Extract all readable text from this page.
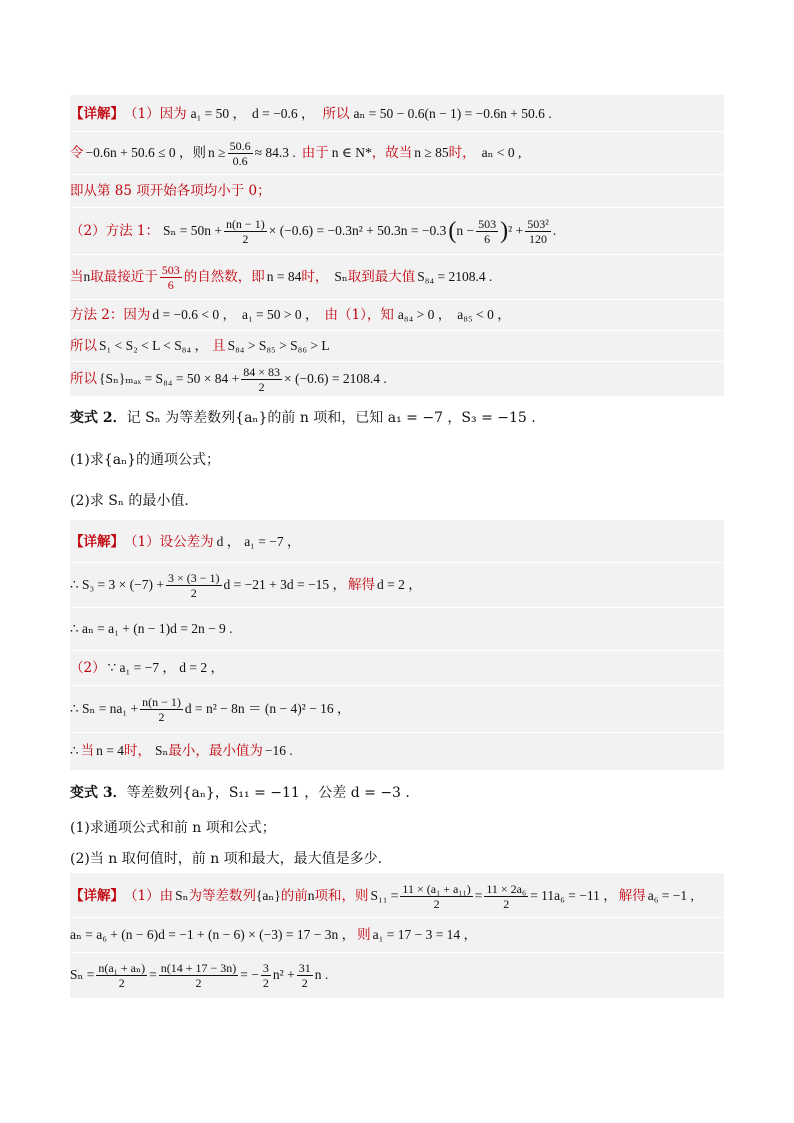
【详解】 （1）因为 a₁ = 50 ， d = −0.6 ， 所以 aₙ = 50 − 0.6(n − 1) = −0.6n + 50.6 .
令 −0.6n + 50.6 ≤ 0 ，则 $n \ge \frac{50.6}{0.6} \approx 84.3$ . 由于 n ∈ N* ，故当 n ≥ 85 时， aₙ < 0 ,
即从第 85 项开始各项均小于 0；
（2）方法 1： $S_n = 50n + \frac{n(n - 1)}{2} \times (-0.6) = -0.3n^2 + 50.3n = -0.3$ ( $n - \frac{503}{6}$ ) $^2 + \frac{\text{503²}}{120}$ .
当 n 取最接近于 $\frac{503}{6}$ 的自然数，即 n = 84 时， Sₙ 取到最大值 S₈₄ = 2108.4 .
方法 2：因为 d = −0.6 < 0 ， a₁ = 50 > 0 ， 由（1），知 a₈₄ > 0 ， a₈₅ < 0 ，
所以 S₁ < S₂ < L < S₈₄ ， 且 S₈₄ > S₈₅ > S₈₆ > L
所以 $\{S_n\}_{max} = S_{84} = 50 \times 84 + \frac{84 \times 83}{2} \times (-0.6) = 2108.4$ .
变式 2．记 Sₙ 为等差数列{aₙ}的前 n 项和，已知 a₁ = −7 ，S₃ = −15 .
(1)求{aₙ}的通项公式；
(2)求 Sₙ 的最小值.
【详解】 （1）设公差为 d ， a₁ = −7 ，
∴ $S_3 = 3 \times (-7) + \frac{3 \times (3 - 1)}{2}$ d = −21 + 3d = −15 ， 解得 d = 2 ，
∴ aₙ = a₁ + (n − 1)d = 2n − 9 .
（2） ∵ a₁ = −7 ， d = 2 ，
∴ $S_n = na_1 + \frac{n(n - 1)}{2}$ d = n² − 8n ＝ (n − 4)² − 16 ，
∴ 当 n = 4 时， Sₙ 最小，最小值为 −16 .
变式 3．等差数列{aₙ}，S₁₁ = −11 ，公差 d = −3 .
(1)求通项公式和前 n 项和公式；
(2)当 n 取何值时，前 n 项和最大，最大值是多少.
【详解】 （1）由 Sₙ 为等差数列 {aₙ} 的前 n 项和，则 $S_{11} = \frac{\text{11 × (a₁ + a₁₁)}}{2} = \frac{\text{11 × 2a₆}}{2} = 11a_6 = -11$ ， 解得 a₆ = −1 ,
aₙ = a₆ + (n − 6)d = −1 + (n − 6) × (−3) = 17 − 3n ， 则 a₁ = 17 − 3 = 14 ，
$S_n = \frac{\text{n(a₁ + aₙ)}}{2} = \frac{n(14 + 17 - 3n)}{2}$ = − $\frac{3}{2} n^2 + \frac{31}{2}$ n .
